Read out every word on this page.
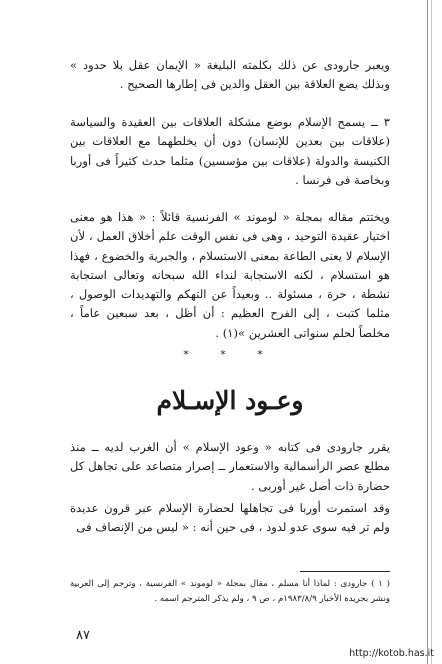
ويعبر جارودى عن ذلك بكلمته البليغة « الإيمان عقل بلا حدود » وبذلك يضع العلاقة بين العقل والدين فى إطارها الصحيح .

٣ ــ يسمح الإسلام بوضع مشكلة العلاقات بين العقيدة والسياسة (علاقات بين بعدين للإنسان) دون أن يخلطهما مع العلاقات بين الكنيسة والدولة (علاقات بين مؤسسين) مثلما حدث كثيراً فى أوربا وبخاصة فى فرنسا .

ويختتم مقاله بمجلة « لوموند » الفرنسية قائلاً : « هذا هو معنى اختيار عقيدة التوحيد ، وهى فى نفس الوقت علم أخلاق العمل ، لأن الإسلام لا يعنى الطاعة بمعنى الاستسلام ، والجبرية والخضوع ، فهذا هو استسلام ، لكنه الاستجابة لنداء الله سبحانه وتعالى استجابة نشطة ، حرة ، مسئولة .. وبعيداً عن التهكم والتهديدات الوصول ، مثلما كتبت ، إلى الفرح العظيم : أن أظل ، بعد سبعين عاماً ، مخلصاً لحلم سنواتى العشرين »(١) .

* * *
وعـود الإسـلام

يقرر جارودى فى كتابه « وعود الإسلام » أن الغرب لديه ــ منذ مطلع عصر الرأسمالية والاستعمار ــ إصرار متصاعد على تجاهل كل حضارة ذات أصل غير أوربى .

وقد استمرت أوربا فى تجاهلها لحضارة الإسلام عبر قرون عديدة ولم تر فيه سوى عدو لدود ، فى حين أنه : « ليس من الإنصاف فى

( ١ ) جارودى : لماذا أنا مسلم ، مقال بمجلة « لوموند » الفرنسية ، وترجم إلى العربية ونشر بجريدة الأخبار ١٩٨٣/٨/٩م ، ص ٩ ، ولم يذكر المترجم اسمه .

٨٧
http://kotob.has.it
